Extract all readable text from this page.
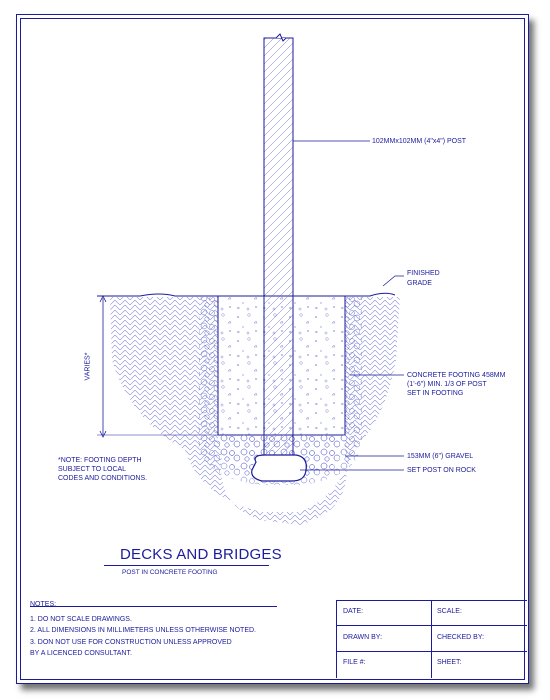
102MMx102MM (4"x4") POST
FINISHED
GRADE
CONCRETE FOOTING 458MM
(1'-6") MIN. 1/3 OF POST
SET IN FOOTING
153MM (6") GRAVEL
SET POST ON ROCK
VARIES*
*NOTE: FOOTING DEPTH
SUBJECT TO LOCAL
CODES AND CONDITIONS.
DECKS AND BRIDGES
POST IN CONCRETE FOOTING
NOTES:
1. DO NOT SCALE DRAWINGS.
2. ALL DIMENSIONS IN MILLIMETERS UNLESS OTHERWISE NOTED.
3. DON NOT USE FOR CONSTRUCTION UNLESS APPROVED
BY A LICENCED CONSULTANT.
DATE:	SCALE:
DRAWN BY:	CHECKED BY:
FILE #:	SHEET:
